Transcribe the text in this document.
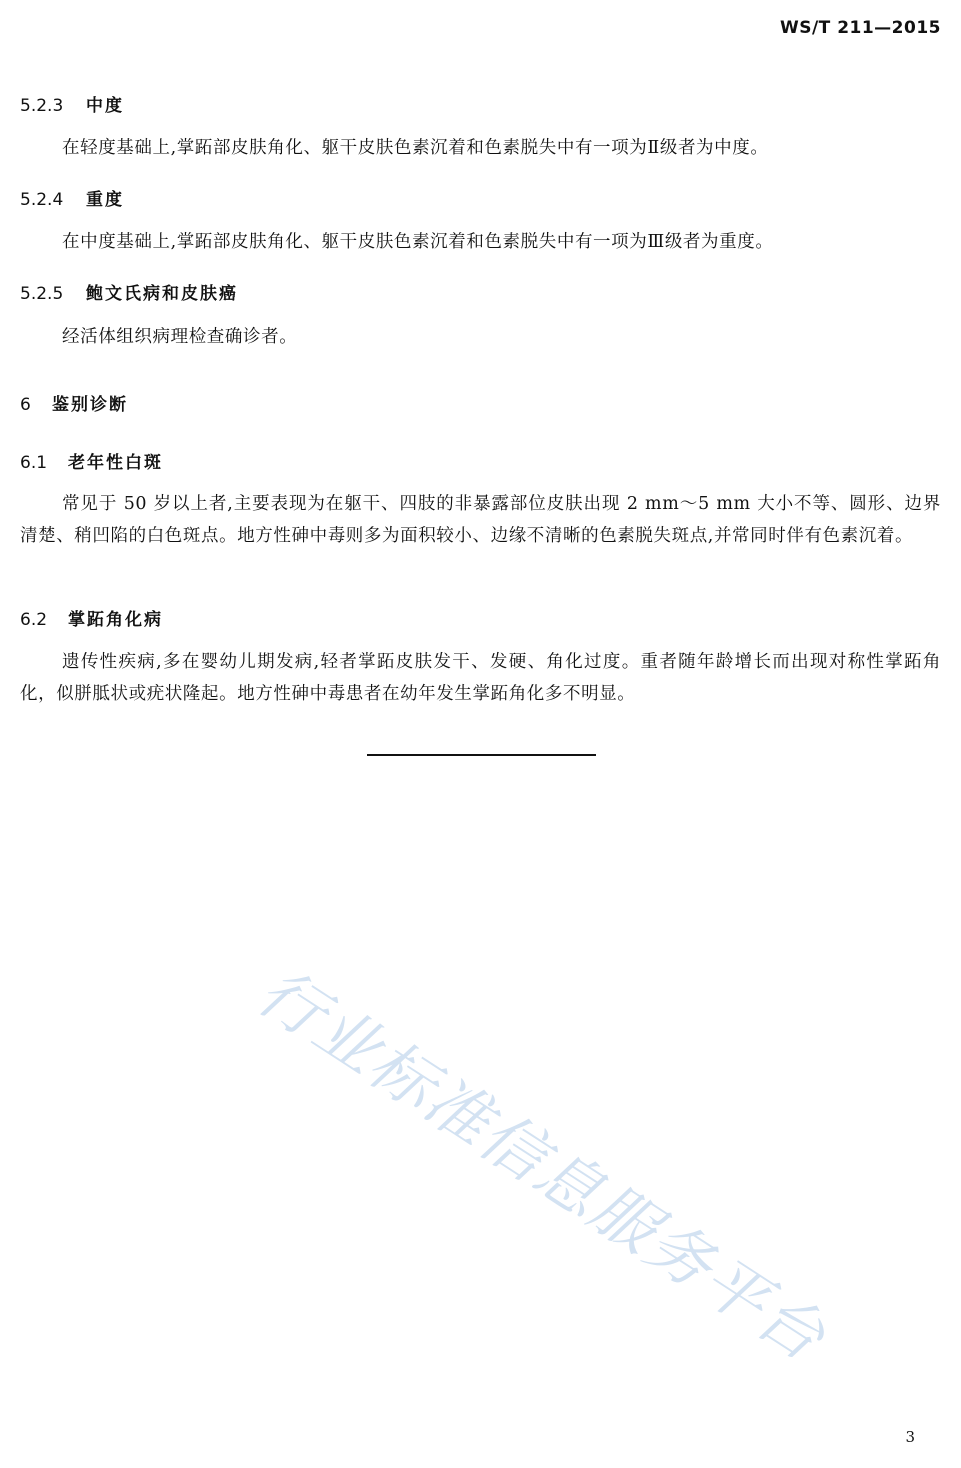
WS/T 211—2015
5.2.3 中度
在轻度基础上,掌跖部皮肤角化、躯干皮肤色素沉着和色素脱失中有一项为Ⅱ级者为中度。
5.2.4 重度
在中度基础上,掌跖部皮肤角化、躯干皮肤色素沉着和色素脱失中有一项为Ⅲ级者为重度。
5.2.5 鲍文氏病和皮肤癌
经活体组织病理检查确诊者。
6 鉴别诊断
6.1 老年性白斑
常见于 50 岁以上者,主要表现为在躯干、四肢的非暴露部位皮肤出现 2 mm～5 mm 大小不等、圆形、边界清楚、稍凹陷的白色斑点。地方性砷中毒则多为面积较小、边缘不清晰的色素脱失斑点,并常同时伴有色素沉着。
6.2 掌跖角化病
遗传性疾病,多在婴幼儿期发病,轻者掌跖皮肤发干、发硬、角化过度。重者随年龄增长而出现对称性掌跖角化，似胼胝状或疣状隆起。地方性砷中毒患者在幼年发生掌跖角化多不明显。
行业标准信息服务平台
3
